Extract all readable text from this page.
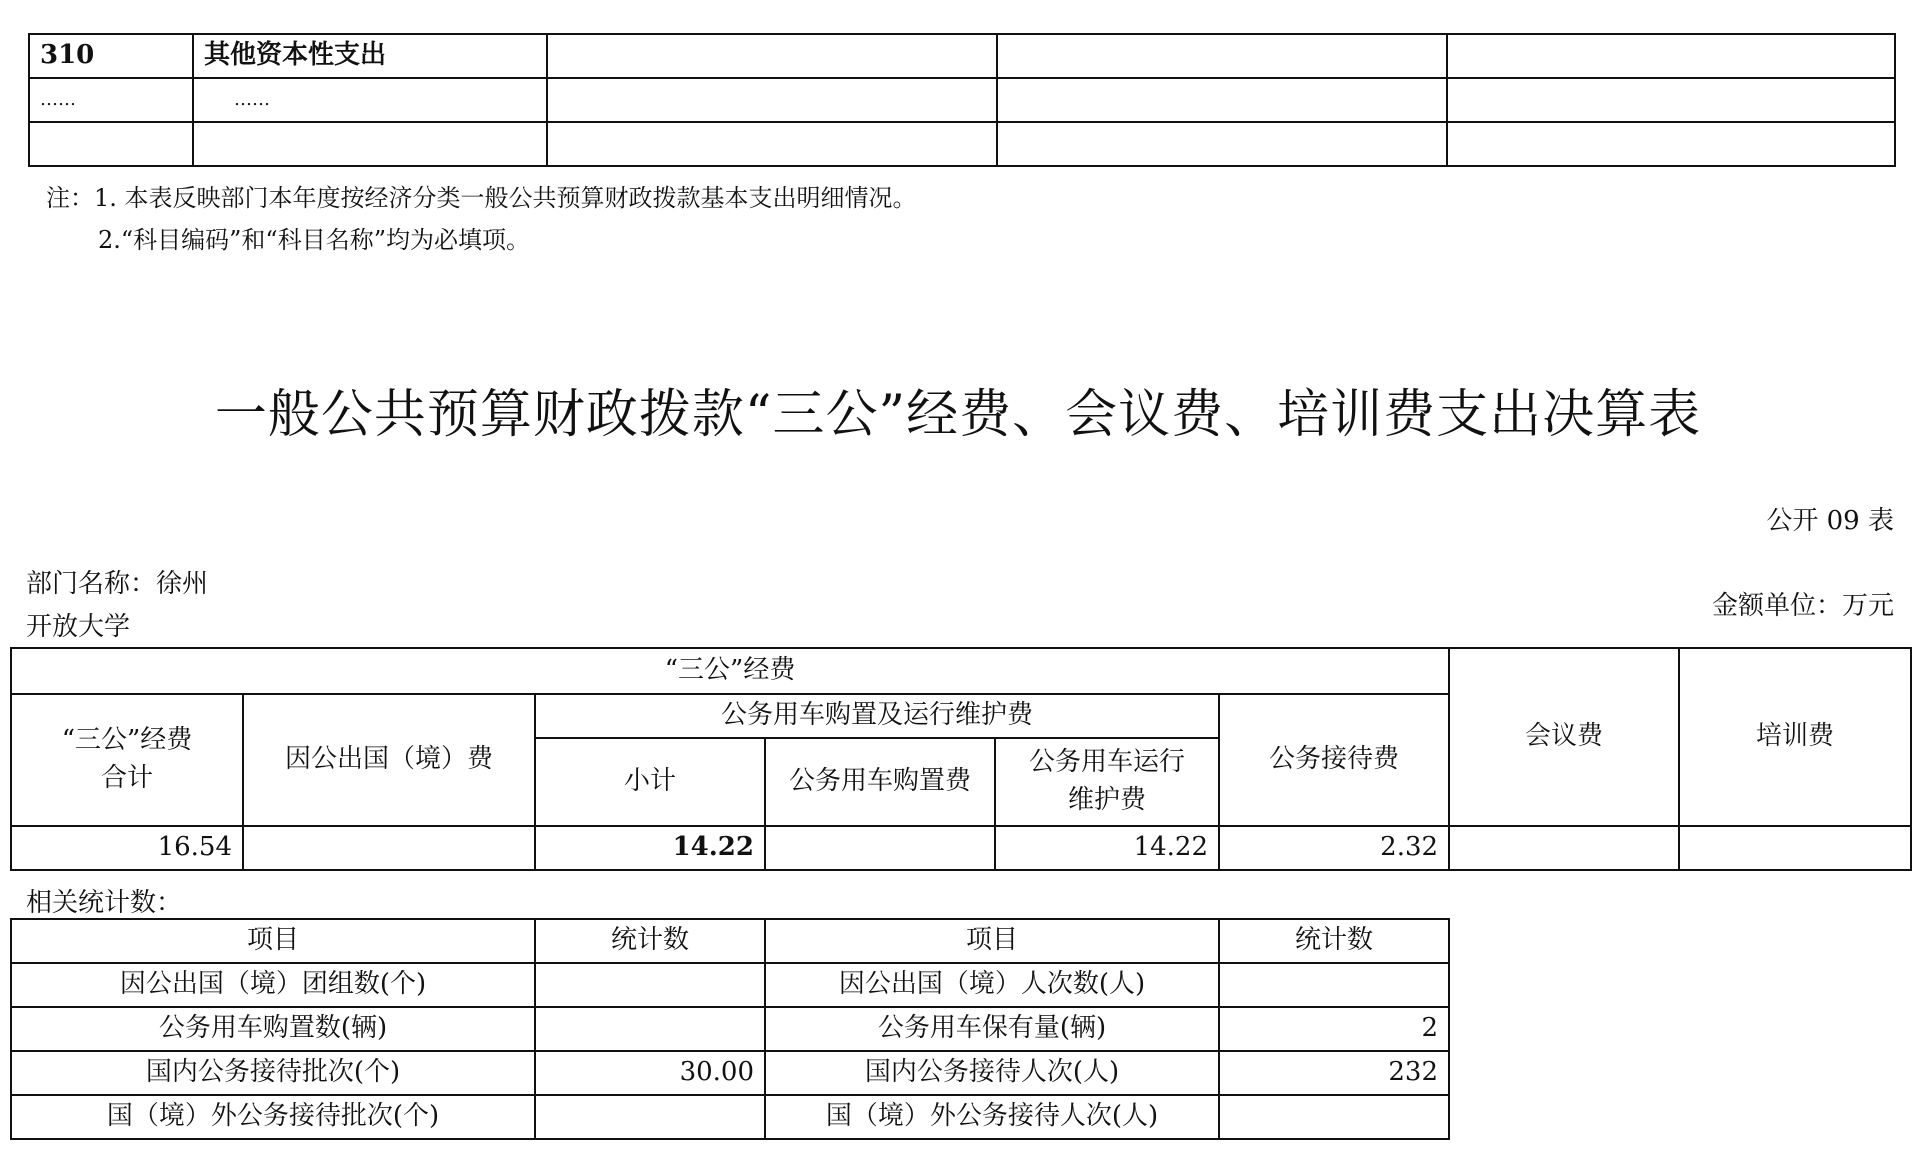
310	其他资本性支出			
……	……			

注：1. 本表反映部门本年度按经济分类一般公共预算财政拨款基本支出明细情况。
2.“科目编码”和“科目名称”均为必填项。
一般公共预算财政拨款“三公”经费、会议费、培训费支出决算表
公开 09 表
部门名称：徐州
开放大学
金额单位：万元
“三公”经费						会议费	培训费

“三公”经费
合计	因公出国（境）费	公务用车购置及运行维护费			公务接待费		
		小计	公务用车购置费	公务用车运行
维护费			

16.54		14.22		14.22	2.32		
相关统计数：
项目	统计数	项目	统计数
因公出国（境）团组数(个)		因公出国（境）人次数(人)	
公务用车购置数(辆)		公务用车保有量(辆)	2
国内公务接待批次(个)	30.00	国内公务接待人次(人)	232
国（境）外公务接待批次(个)		国（境）外公务接待人次(人)	
